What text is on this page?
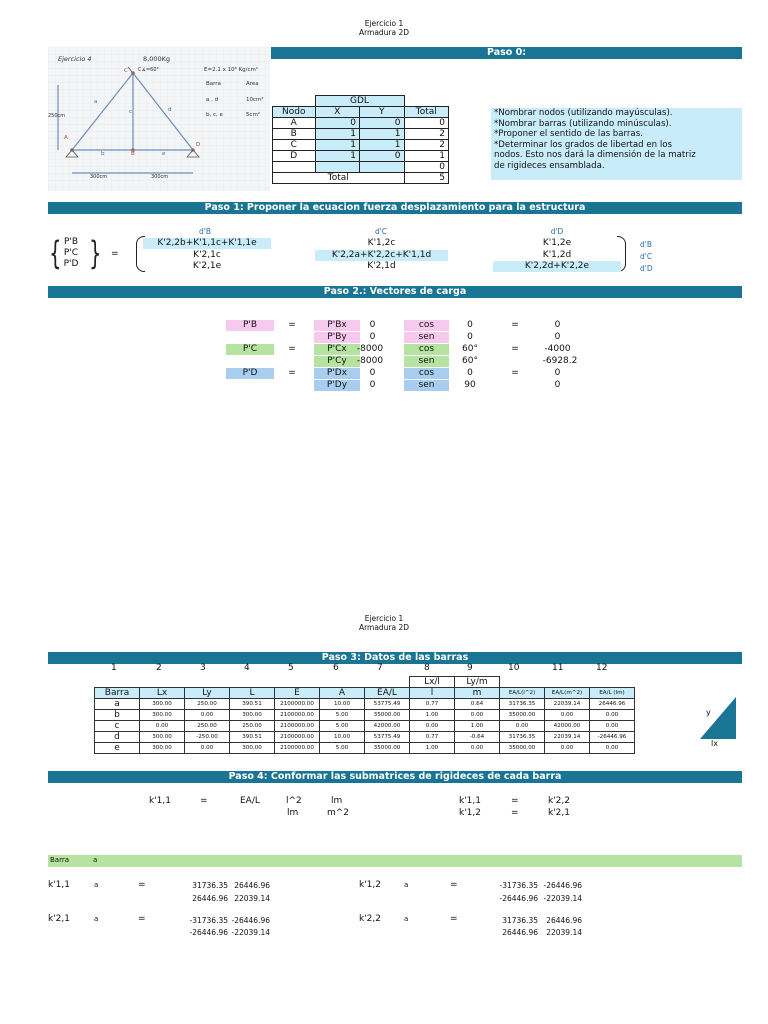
Ejercicio 1
Armadura 2D
Ejercicio 4	8,000Kg
C∡=60°	E=2.1 x 10⁶ Kg/cm²
Barra	Area
a , d	10cm²
b, c, e	5cm²
250cm
300cm	300cm
A
B
C
D
a
b
c	d
e
Paso 0:
	GDL		
Nodo	X	Y	Total
A	0	0	0
B	1	1	2
C	1	1	2
D	1	0	1
			0
Total			5
*Nombrar nodos (utilizando mayúsculas).
*Nombrar barras (utilizando minúsculas).
*Proponer el sentido de las barras.
*Determinar los grados de libertad en los
nodos. Esto nos dará la dimensión de la matriz
de rigideces ensamblada.
Paso 1: Proponer la ecuacion fuerza desplazamiento para la estructura
d'B	d'C	d'D
{ }
P'B
P'C
P'D
=
K'2,2b+K'1,1c+K'1,1e	K'1,2c	K'1,2e
K'2,1c	K'2,2a+K'2,2c+K'1,1d	K'1,2d
K'2,1e	K'2,1d	K'2,2d+K'2,2e
d'B
d'C
d'D
Paso 2.: Vectores de carga
P'B	=	P'Bx	0	cos	0	=	0
P'By	0	sen	0	0
P'C	=	P'Cx	-8000	cos	60°	=	-4000
P'Cy	-8000	sen	60°	-6928.2
P'D	=	P'Dx	0	cos	0	=	0
P'Dy	0	sen	90	0
Ejercicio 1
Armadura 2D
Paso 3: Datos de las barras
1	2	3	4	5	6	7	8	9	10	11	12
							Lx/l	Ly/m			
Barra	Lx	Ly	L	E	A	EA/L	l	m	EA/L(l^2)	EA/L(m^2)	EA/L (lm)
a	300.00	250.00	390.51	2100000.00	10.00	53775.49	0.77	0.64	31736.35	22039.14	26446.96
b	300.00	0.00	300.00	2100000.00	5.00	35000.00	1.00	0.00	35000.00	0.00	0.00
c	0.00	250.00	250.00	2100000.00	5.00	42000.00	0.00	1.00	0.00	42000.00	0.00
d	300.00	-250.00	390.51	2100000.00	10.00	53775.49	0.77	-0.64	31736.35	22039.14	-26446.96
e	300.00	0.00	300.00	2100000.00	5.00	35000.00	1.00	0.00	35000.00	0.00	0.00
y
lx
Paso 4: Conformar las submatrices de rigideces de cada barra
k'1,1	=	EA/L	l^2	lm
lm	m^2
k'1,1	=	k'2,2
k'1,2	=	k'2,1
Barra	a
k'1,1	a	=	31736.35 26446.96
26446.96 22039.14
k'1,2	a	=	-31736.35 -26446.96
-26446.96 -22039.14
k'2,1	a	=	-31736.35 -26446.96
-26446.96 -22039.14
k'2,2	a	=	31736.35	26446.96
26446.96	22039.14
